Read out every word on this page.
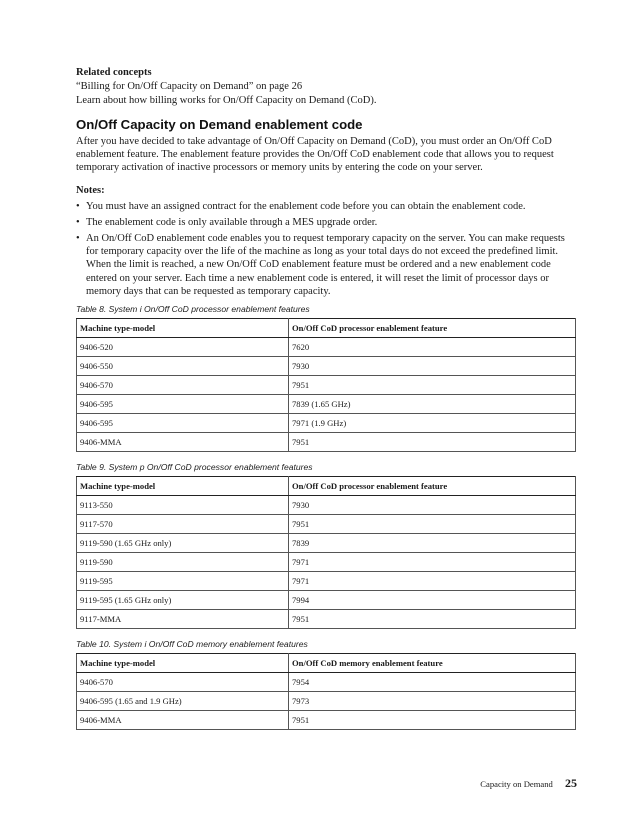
Related concepts

“Billing for On/Off Capacity on Demand” on page 26

Learn about how billing works for On/Off Capacity on Demand (CoD).

On/Off Capacity on Demand enablement code

After you have decided to take advantage of On/Off Capacity on Demand (CoD), you must order an On/Off CoD enablement feature. The enablement feature provides the On/Off CoD enablement code that allows you to request temporary activation of inactive processors or memory units by entering the code on your server.

Notes:

• You must have an assigned contract for the enablement code before you can obtain the enablement code.
• The enablement code is only available through a MES upgrade order.
• An On/Off CoD enablement code enables you to request temporary capacity on the server. You can make requests for temporary capacity over the life of the machine as long as your total days do not exceed the predefined limit. When the limit is reached, a new On/Off CoD enablement feature must be ordered and a new enablement code entered on your server. Each time a new enablement code is entered, it will reset the limit of processor days or memory days that can be requested as temporary capacity.

Table 8. System i On/Off CoD processor enablement features

Machine type-model	On/Off CoD processor enablement feature
9406-520	7620
9406-550	7930
9406-570	7951
9406-595	7839 (1.65 GHz)
9406-595	7971 (1.9 GHz)
9406-MMA	7951

Table 9. System p On/Off CoD processor enablement features

Machine type-model	On/Off CoD processor enablement feature
9113-550	7930
9117-570	7951
9119-590 (1.65 GHz only)	7839
9119-590	7971
9119-595	7971
9119-595 (1.65 GHz only)	7994
9117-MMA	7951

Table 10. System i On/Off CoD memory enablement features

Machine type-model	On/Off CoD memory enablement feature
9406-570	7954
9406-595 (1.65 and 1.9 GHz)	7973
9406-MMA	7951
Capacity on Demand 25
